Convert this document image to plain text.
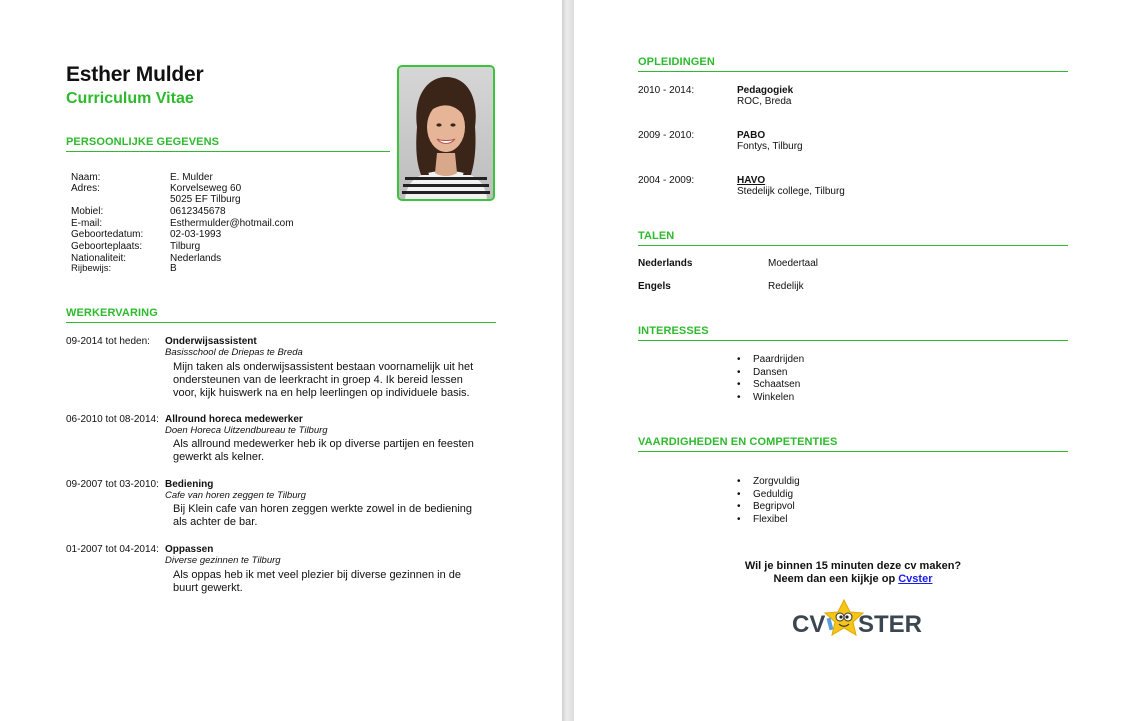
Esther Mulder
Curriculum Vitae
PERSOONLIJKE GEGEVENS
Naam:	E. Mulder
Adres:	Korvelseweg 60
5025 EF Tilburg
Mobiel:	0612345678
E-mail:	Esthermulder@hotmail.com
Geboortedatum:	02-03-1993
Geboorteplaats:	Tilburg
Nationaliteit:	Nederlands
Rijbewijs:	B
WERKERVARING
09-2014 tot heden: Onderwijsassistent
Basisschool de Driepas te Breda
Mijn taken als onderwijsassistent bestaan voornamelijk uit het
ondersteunen van de leerkracht in groep 4. Ik bereid lessen
voor, kijk huiswerk na en help leerlingen op individuele basis.
06-2010 tot 08-2014: Allround horeca medewerker
Doen Horeca Uitzendbureau te Tilburg
Als allround medewerker heb ik op diverse partijen en feesten
gewerkt als kelner.
09-2007 tot 03-2010: Bediening
Cafe van horen zeggen te Tilburg
Bij Klein cafe van horen zeggen werkte zowel in de bediening
als achter de bar.
01-2007 tot 04-2014: Oppassen
Diverse gezinnen te Tilburg
Als oppas heb ik met veel plezier bij diverse gezinnen in de
buurt gewerkt.
OPLEIDINGEN
2010 - 2014:	Pedagogiek
ROC, Breda
2009 - 2010:	PABO
Fontys, Tilburg
2004 - 2009:	HAVO
Stedelijk college, Tilburg
TALEN
Nederlands	Moedertaal
Engels	Redelijk
INTERESSES
• Paardrijden
• Dansen
• Schaatsen
• Winkelen
VAARDIGHEDEN EN COMPETENTIES
• Zorgvuldig
• Geduldig
• Begripvol
• Flexibel
Wil je binnen 15 minuten deze cv maken?
Neem dan een kijkje op Cvster
CV STER
